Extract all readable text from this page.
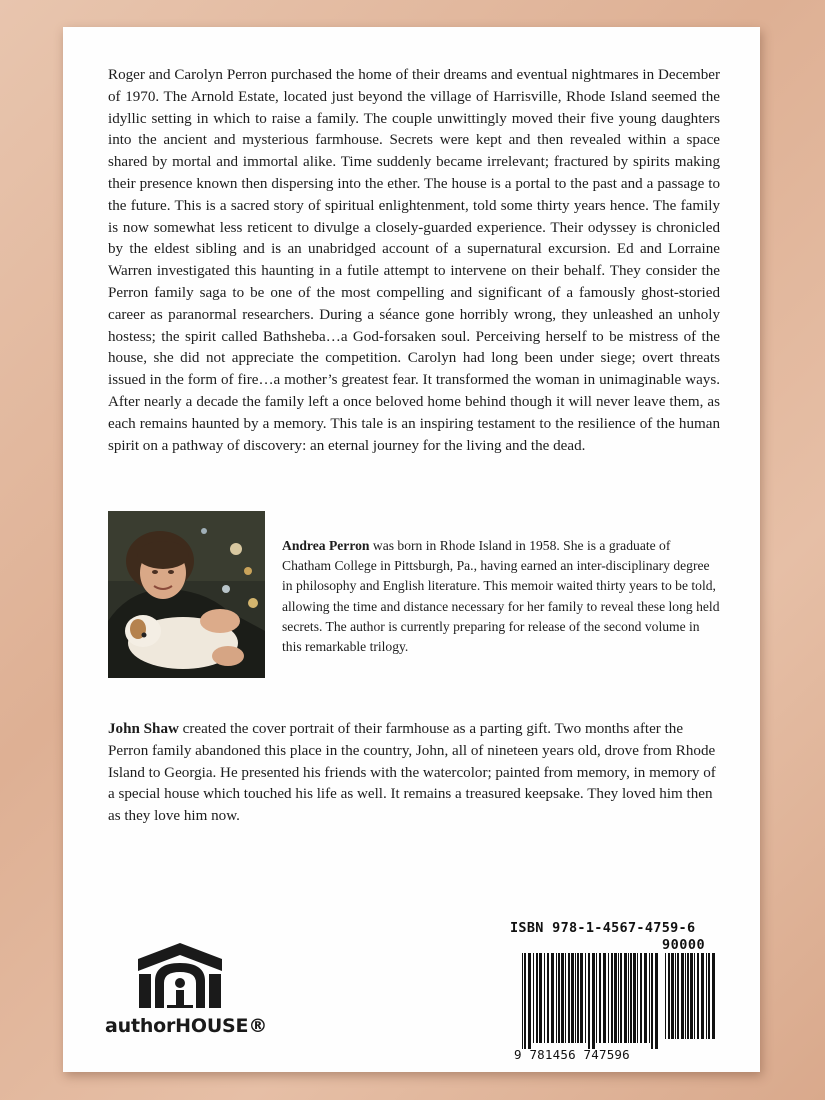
Roger and Carolyn Perron purchased the home of their dreams and eventual nightmares in December of 1970. The Arnold Estate, located just beyond the village of Harrisville, Rhode Island seemed the idyllic setting in which to raise a family. The couple unwittingly moved their five young daughters into the ancient and mysterious farmhouse. Secrets were kept and then revealed within a space shared by mortal and immortal alike. Time suddenly became irrelevant; fractured by spirits making their presence known then dispersing into the ether. The house is a portal to the past and a passage to the future. This is a sacred story of spiritual enlightenment, told some thirty years hence. The family is now somewhat less reticent to divulge a closely-guarded experience. Their odyssey is chronicled by the eldest sibling and is an unabridged account of a supernatural excursion. Ed and Lorraine Warren investigated this haunting in a futile attempt to intervene on their behalf. They consider the Perron family saga to be one of the most compelling and significant of a famously ghost-storied career as paranormal researchers. During a séance gone horribly wrong, they unleashed an unholy hostess; the spirit called Bathsheba…a God-forsaken soul. Perceiving herself to be mistress of the house, she did not appreciate the competition. Carolyn had long been under siege; overt threats issued in the form of fire…a mother’s greatest fear. It transformed the woman in unimaginable ways. After nearly a decade the family left a once beloved home behind though it will never leave them, as each remains haunted by a memory. This tale is an inspiring testament to the resilience of the human spirit on a pathway of discovery: an eternal journey for the living and the dead.

Andrea Perron was born in Rhode Island in 1958. She is a graduate of Chatham College in Pittsburgh, Pa., having earned an inter-disciplinary degree in philosophy and English literature. This memoir waited thirty years to be told, allowing the time and distance necessary for her family to reveal these long held secrets. The author is currently preparing for release of the second volume in this remarkable trilogy.

John Shaw created the cover portrait of their farmhouse as a parting gift. Two months after the Perron family abandoned this place in the country, John, all of nineteen years old, drove from Rhode Island to Georgia. He presented his friends with the watercolor; painted from memory, in memory of a special house which touched his life as well. It remains a treasured keepsake. They loved him then as they love him now.

authorHOUSE®
ISBN 978-1-4567-4759-6
90000
9 781456 747596
